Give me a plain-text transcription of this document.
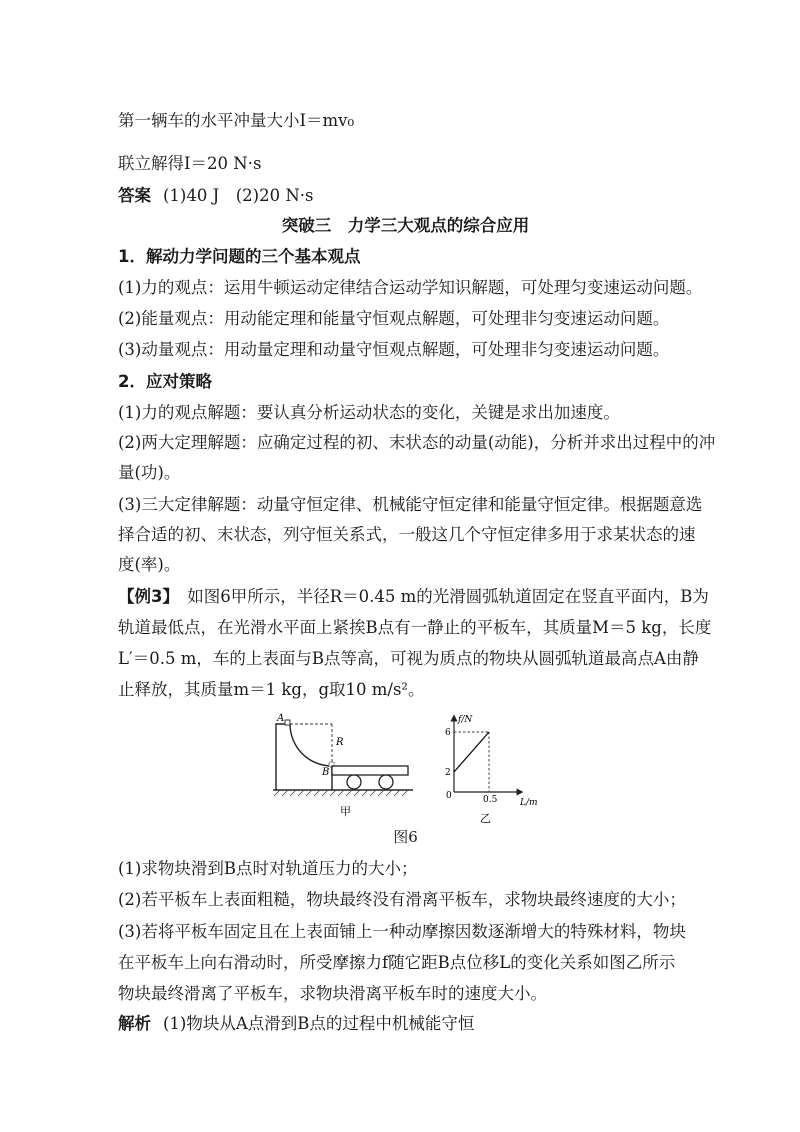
第一辆车的水平冲量大小I＝mv₀
联立解得I＝20 N·s
答案 (1)40 J　(2)20 N·s
突破三　力学三大观点的综合应用
1．解动力学问题的三个基本观点
(1)力的观点：运用牛顿运动定律结合运动学知识解题，可处理匀变速运动问题。
(2)能量观点：用动能定理和能量守恒观点解题，可处理非匀变速运动问题。
(3)动量观点：用动量定理和动量守恒观点解题，可处理非匀变速运动问题。
2．应对策略
(1)力的观点解题：要认真分析运动状态的变化，关键是求出加速度。
(2)两大定理解题：应确定过程的初、末状态的动量(动能)，分析并求出过程中的冲
量(功)。
(3)三大定律解题：动量守恒定律、机械能守恒定律和能量守恒定律。根据题意选
择合适的初、末状态，列守恒关系式，一般这几个守恒定律多用于求某状态的速
度(率)。
【例3】　如图6甲所示，半径R＝0.45 m的光滑圆弧轨道固定在竖直平面内，B为
轨道最低点，在光滑水平面上紧挨B点有一静止的平板车，其质量M＝5 kg，长度
L′＝0.5 m，车的上表面与B点等高，可视为质点的物块从圆弧轨道最高点A由静
止释放，其质量m＝1 kg，g取10 m/s²。
A
R
B
甲
f/N
L/m
6
2
0	0.5
乙
图6
(1)求物块滑到B点时对轨道压力的大小；
(2)若平板车上表面粗糙，物块最终没有滑离平板车，求物块最终速度的大小；
(3)若将平板车固定且在上表面铺上一种动摩擦因数逐渐增大的特殊材料，物块
在平板车上向右滑动时，所受摩擦力f随它距B点位移L的变化关系如图乙所示
物块最终滑离了平板车，求物块滑离平板车时的速度大小。
解析 (1)物块从A点滑到B点的过程中机械能守恒
